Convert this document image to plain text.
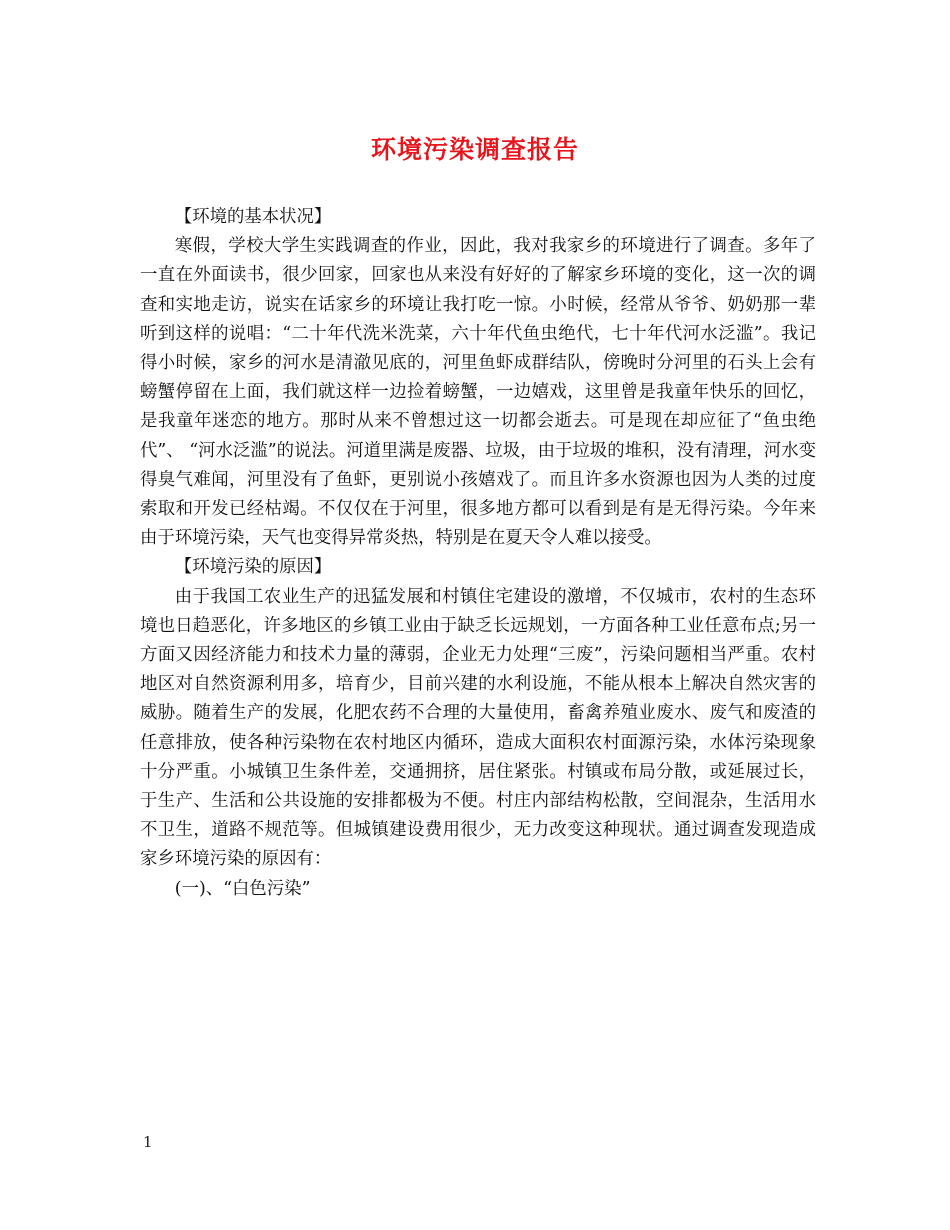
环境污染调查报告

【环境的基本状况】

寒假，学校大学生实践调查的作业，因此，我对我家乡的环境进行了调查。多年了一直在外面读书，很少回家，回家也从来没有好好的了解家乡环境的变化，这一次的调查和实地走访，说实在话家乡的环境让我打吃一惊。小时候，经常从爷爷、奶奶那一辈听到这样的说唱：“二十年代洗米洗菜，六十年代鱼虫绝代，七十年代河水泛滥”。我记得小时候，家乡的河水是清澈见底的，河里鱼虾成群结队，傍晚时分河里的石头上会有螃蟹停留在上面，我们就这样一边捡着螃蟹，一边嬉戏，这里曾是我童年快乐的回忆，是我童年迷恋的地方。那时从来不曾想过这一切都会逝去。可是现在却应征了“鱼虫绝代”、 “河水泛滥”的说法。河道里满是废器、垃圾，由于垃圾的堆积，没有清理，河水变得臭气难闻，河里没有了鱼虾，更别说小孩嬉戏了。而且许多水资源也因为人类的过度索取和开发已经枯竭。不仅仅在于河里，很多地方都可以看到是有是无得污染。今年来由于环境污染，天气也变得异常炎热，特别是在夏天令人难以接受。

【环境污染的原因】

由于我国工农业生产的迅猛发展和村镇住宅建设的激增，不仅城市，农村的生态环境也日趋恶化，许多地区的乡镇工业由于缺乏长远规划，一方面各种工业任意布点;另一方面又因经济能力和技术力量的薄弱，企业无力处理“三废”，污染问题相当严重。农村地区对自然资源利用多，培育少，目前兴建的水利设施，不能从根本上解决自然灾害的威胁。随着生产的发展，化肥农药不合理的大量使用，畜禽养殖业废水、废气和废渣的任意排放，使各种污染物在农村地区内循环，造成大面积农村面源污染，水体污染现象十分严重。小城镇卫生条件差，交通拥挤，居住紧张。村镇或布局分散，或延展过长，于生产、生活和公共设施的安排都极为不便。村庄内部结构松散，空间混杂，生活用水不卫生，道路不规范等。但城镇建设费用很少，无力改变这种现状。通过调查发现造成家乡环境污染的原因有：

(一)、“白色污染”

1
